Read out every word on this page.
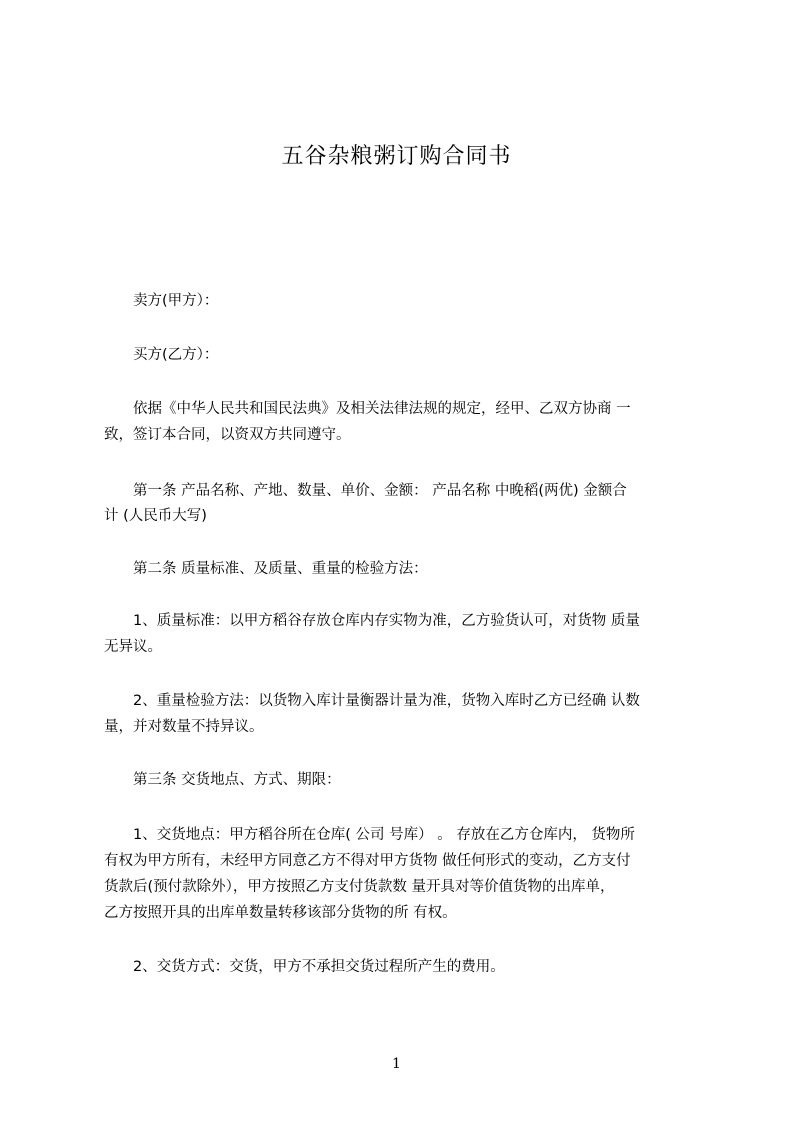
五谷杂粮粥订购合同书
　　卖方(甲方）：
　　买方(乙方）：
　　依据《中华人民共和国民法典》及相关法律法规的规定，经甲、乙双方协商 一
致，签订本合同，以资双方共同遵守。
　　第一条 产品名称、产地、数量、单价、金额： 产品名称 中晚稻(两优) 金额合
计 (人民币大写)
　　第二条 质量标准、及质量、重量的检验方法：
　　1、质量标准：以甲方稻谷存放仓库内存实物为准，乙方验货认可，对货物 质量
无异议。
　　2、重量检验方法：以货物入库计量衡器计量为准，货物入库时乙方已经确 认数
量，并对数量不持异议。
　　第三条 交货地点、方式、期限：
　　1、交货地点：甲方稻谷所在仓库( 公司 号库） 。 存放在乙方仓库内， 货物所
有权为甲方所有，未经甲方同意乙方不得对甲方货物 做任何形式的变动，乙方支付
货款后(预付款除外），甲方按照乙方支付货款数 量开具对等价值货物的出库单，
乙方按照开具的出库单数量转移该部分货物的所 有权。
　　2、交货方式：交货，甲方不承担交货过程所产生的费用。
1
